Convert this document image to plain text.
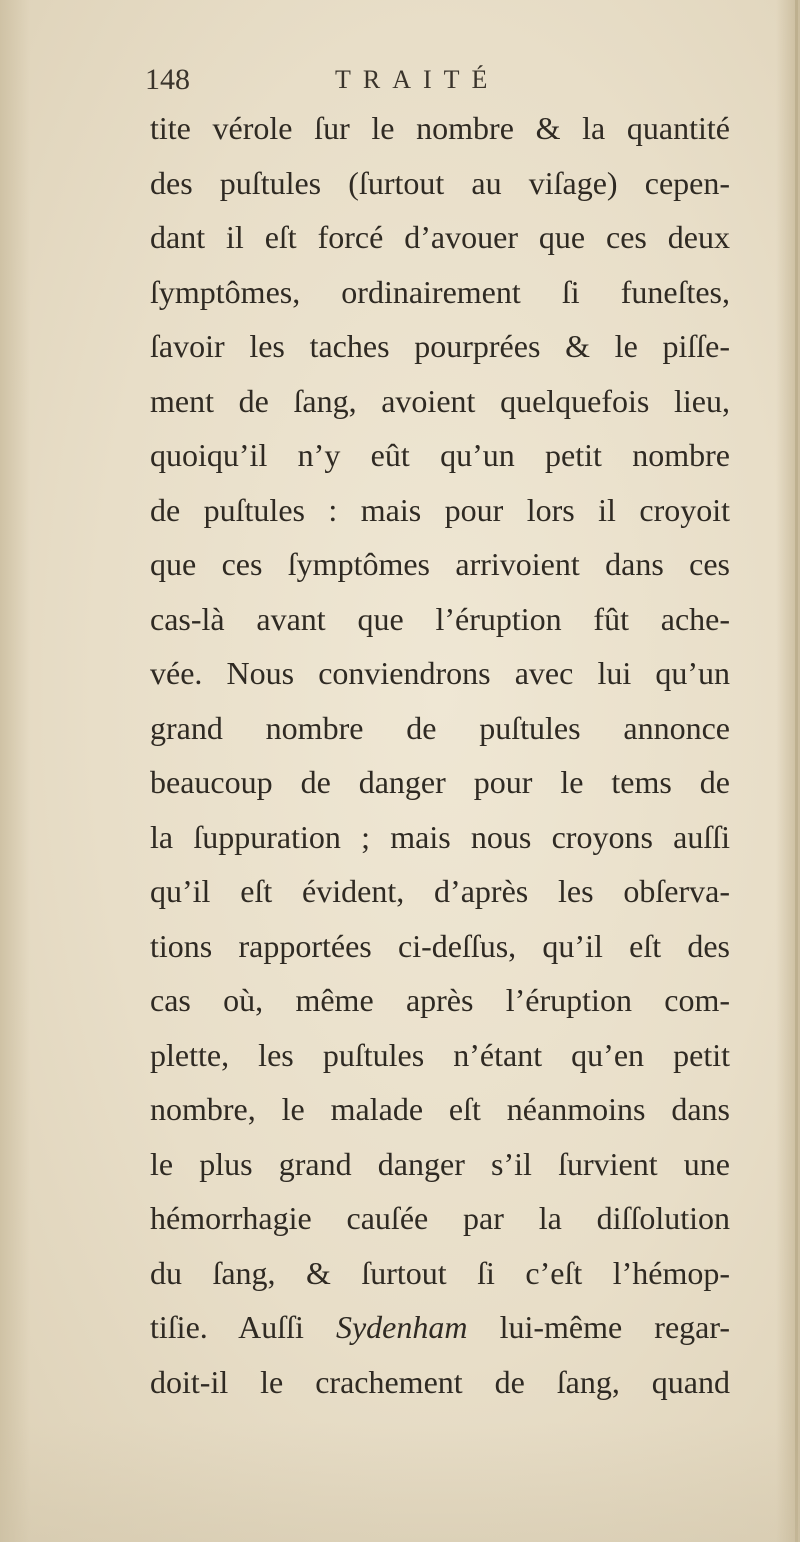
148	TRAITÉ
tite vérole ſur le nombre & la quantité
des puſtules (ſurtout au viſage) cepen-
dant il eſt forcé d’avouer que ces deux
ſymptômes, ordinairement ſi funeſtes,
ſavoir les taches pourprées & le piſſe-
ment de ſang, avoient quelquefois lieu,
quoiqu’il n’y eût qu’un petit nombre
de puſtules : mais pour lors il croyoit
que ces ſymptômes arrivoient dans ces
cas-là avant que l’éruption fût ache-
vée. Nous conviendrons avec lui qu’un
grand nombre de puſtules annonce
beaucoup de danger pour le tems de
la ſuppuration ; mais nous croyons auſſi
qu’il eſt évident, d’après les obſerva-
tions rapportées ci-deſſus, qu’il eſt des
cas où, même après l’éruption com-
plette, les puſtules n’étant qu’en petit
nombre, le malade eſt néanmoins dans
le plus grand danger s’il ſurvient une
hémorrhagie cauſée par la diſſolution
du ſang, & ſurtout ſi c’eſt l’hémop-
tiſie. Auſſi Sydenham lui-même regar-
doit-il le crachement de ſang, quand
